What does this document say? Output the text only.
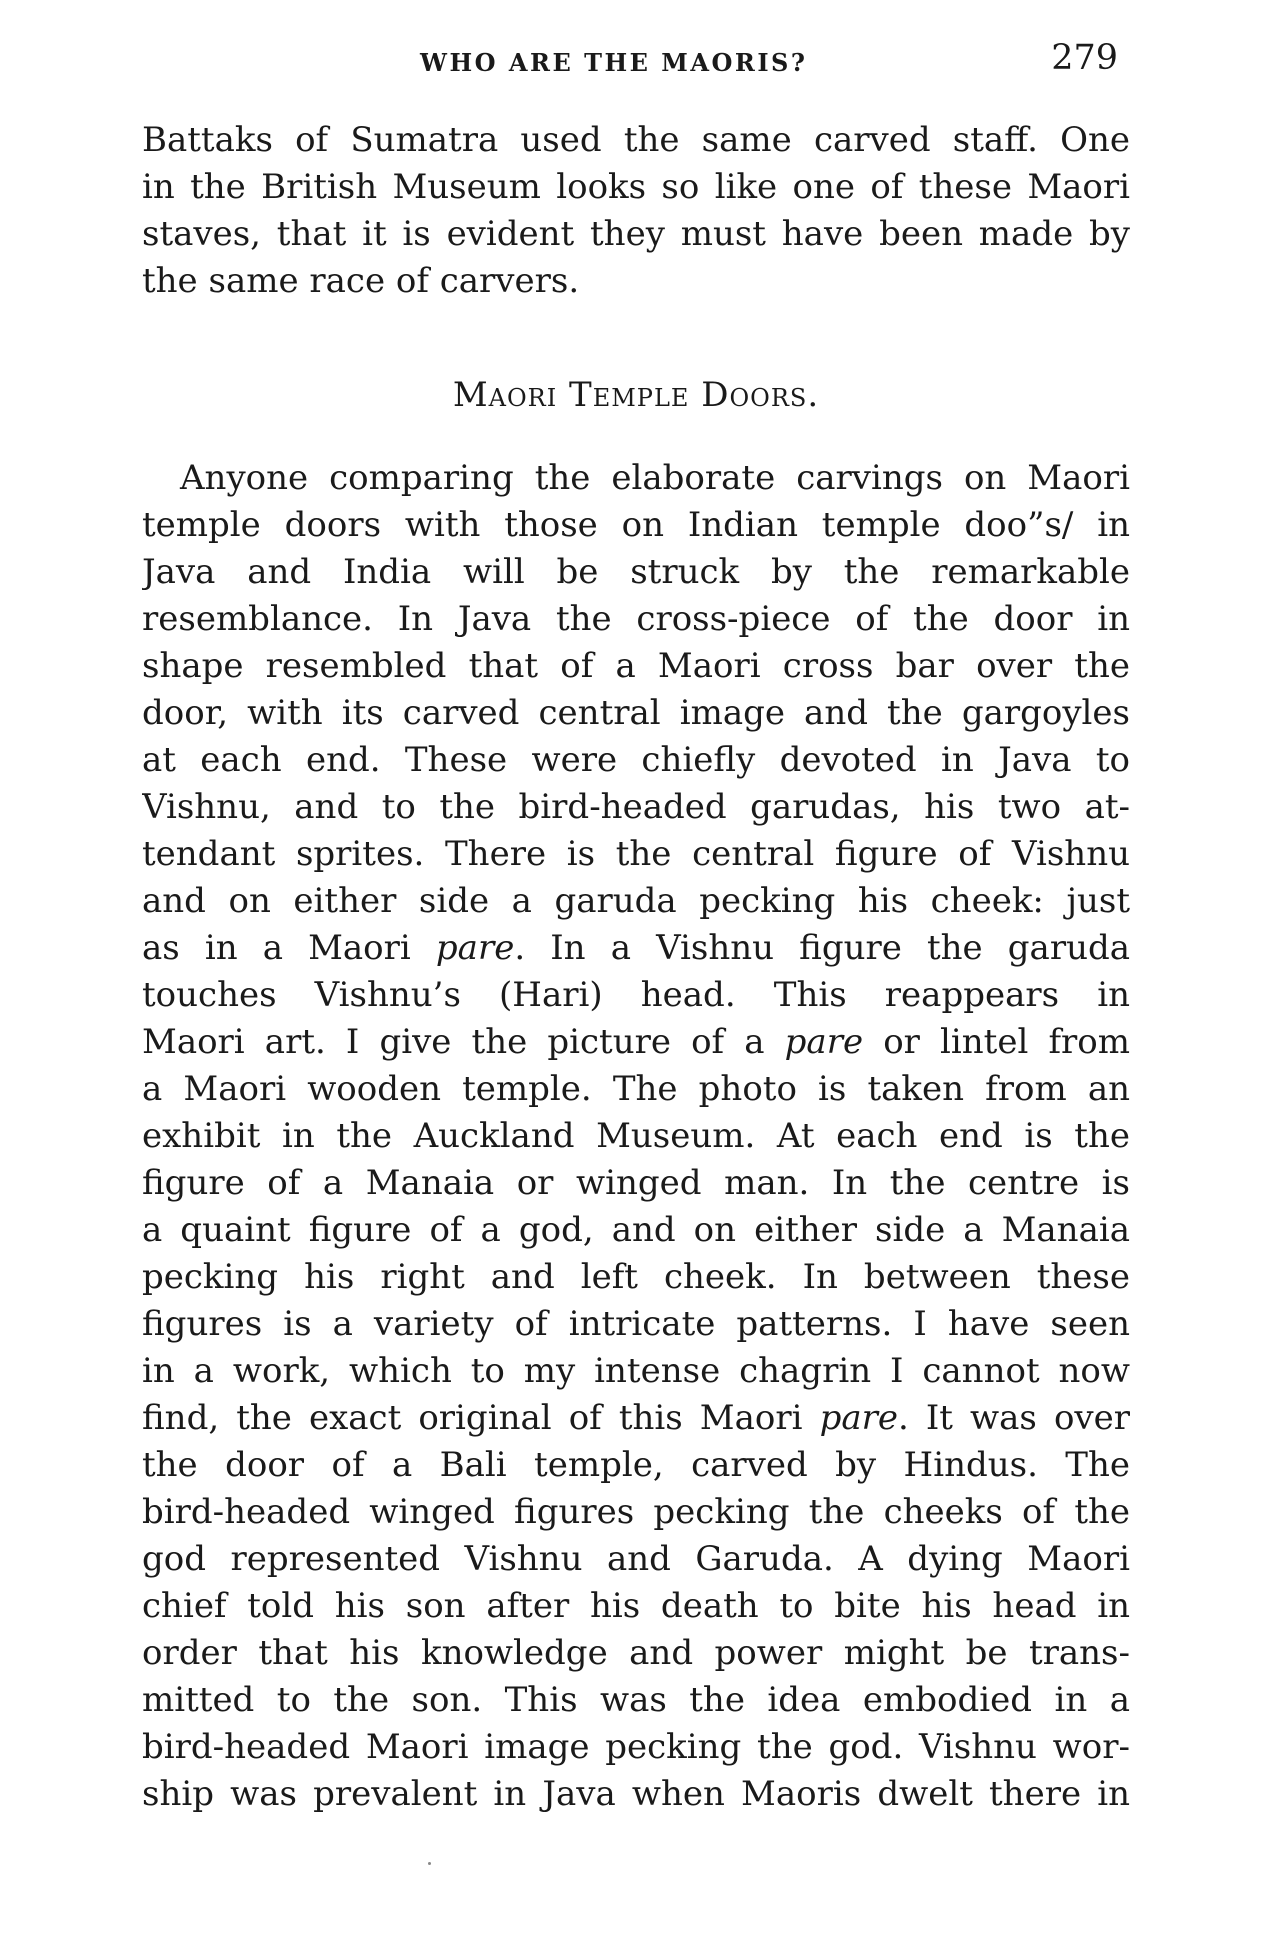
WHO ARE THE MAORIS?	279
Battaks of Sumatra used the same carved staff. One
in the British Museum looks so like one of these Maori
staves, that it is evident they must have been made by
the same race of carvers.
Maori Temple Doors.
Anyone comparing the elaborate carvings on Maori
temple doors with those on Indian temple doo”s/ in
Java and India will be struck by the remarkable
resemblance. In Java the cross-piece of the door in
shape resembled that of a Maori cross bar over the
door, with its carved central image and the gargoyles
at each end. These were chiefly devoted in Java to
Vishnu, and to the bird-headed garudas, his two at-
tendant sprites. There is the central figure of Vishnu
and on either side a garuda pecking his cheek: just
as in a Maori pare. In a Vishnu figure the garuda
touches Vishnu’s (Hari) head. This reappears in
Maori art. I give the picture of a pare or lintel from
a Maori wooden temple. The photo is taken from an
exhibit in the Auckland Museum. At each end is the
figure of a Manaia or winged man. In the centre is
a quaint figure of a god, and on either side a Manaia
pecking his right and left cheek. In between these
figures is a variety of intricate patterns. I have seen
in a work, which to my intense chagrin I cannot now
find, the exact original of this Maori pare. It was over
the door of a Bali temple, carved by Hindus. The
bird-headed winged figures pecking the cheeks of the
god represented Vishnu and Garuda. A dying Maori
chief told his son after his death to bite his head in
order that his knowledge and power might be trans-
mitted to the son. This was the idea embodied in a
bird-headed Maori image pecking the god. Vishnu wor-
ship was prevalent in Java when Maoris dwelt there in
